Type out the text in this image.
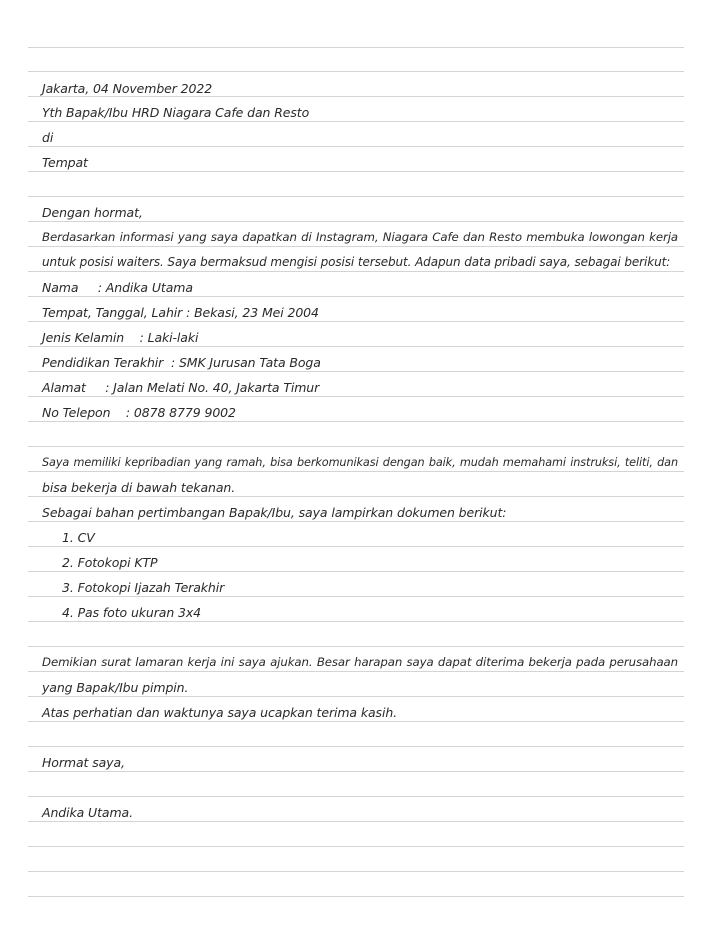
Jakarta, 04 November 2022
Yth Bapak/Ibu HRD Niagara Cafe dan Resto
di
Tempat
Dengan hormat,
Berdasarkan informasi yang saya dapatkan di Instagram, Niagara Cafe dan Resto membuka lowongan kerja
untuk posisi waiters. Saya bermaksud mengisi posisi tersebut. Adapun data pribadi saya, sebagai berikut:
Nama     : Andika Utama
Tempat, Tanggal, Lahir : Bekasi, 23 Mei 2004
Jenis Kelamin    : Laki-laki
Pendidikan Terakhir  : SMK Jurusan Tata Boga
Alamat     : Jalan Melati No. 40, Jakarta Timur
No Telepon    : 0878 8779 9002
Saya memiliki kepribadian yang ramah, bisa berkomunikasi dengan baik, mudah memahami instruksi, teliti, dan
bisa bekerja di bawah tekanan.
Sebagai bahan pertimbangan Bapak/Ibu, saya lampirkan dokumen berikut:
1. CV
2. Fotokopi KTP
3. Fotokopi Ijazah Terakhir
4. Pas foto ukuran 3x4
Demikian surat lamaran kerja ini saya ajukan. Besar harapan saya dapat diterima bekerja pada perusahaan
yang Bapak/Ibu pimpin.
Atas perhatian dan waktunya saya ucapkan terima kasih.
Hormat saya,
Andika Utama.
